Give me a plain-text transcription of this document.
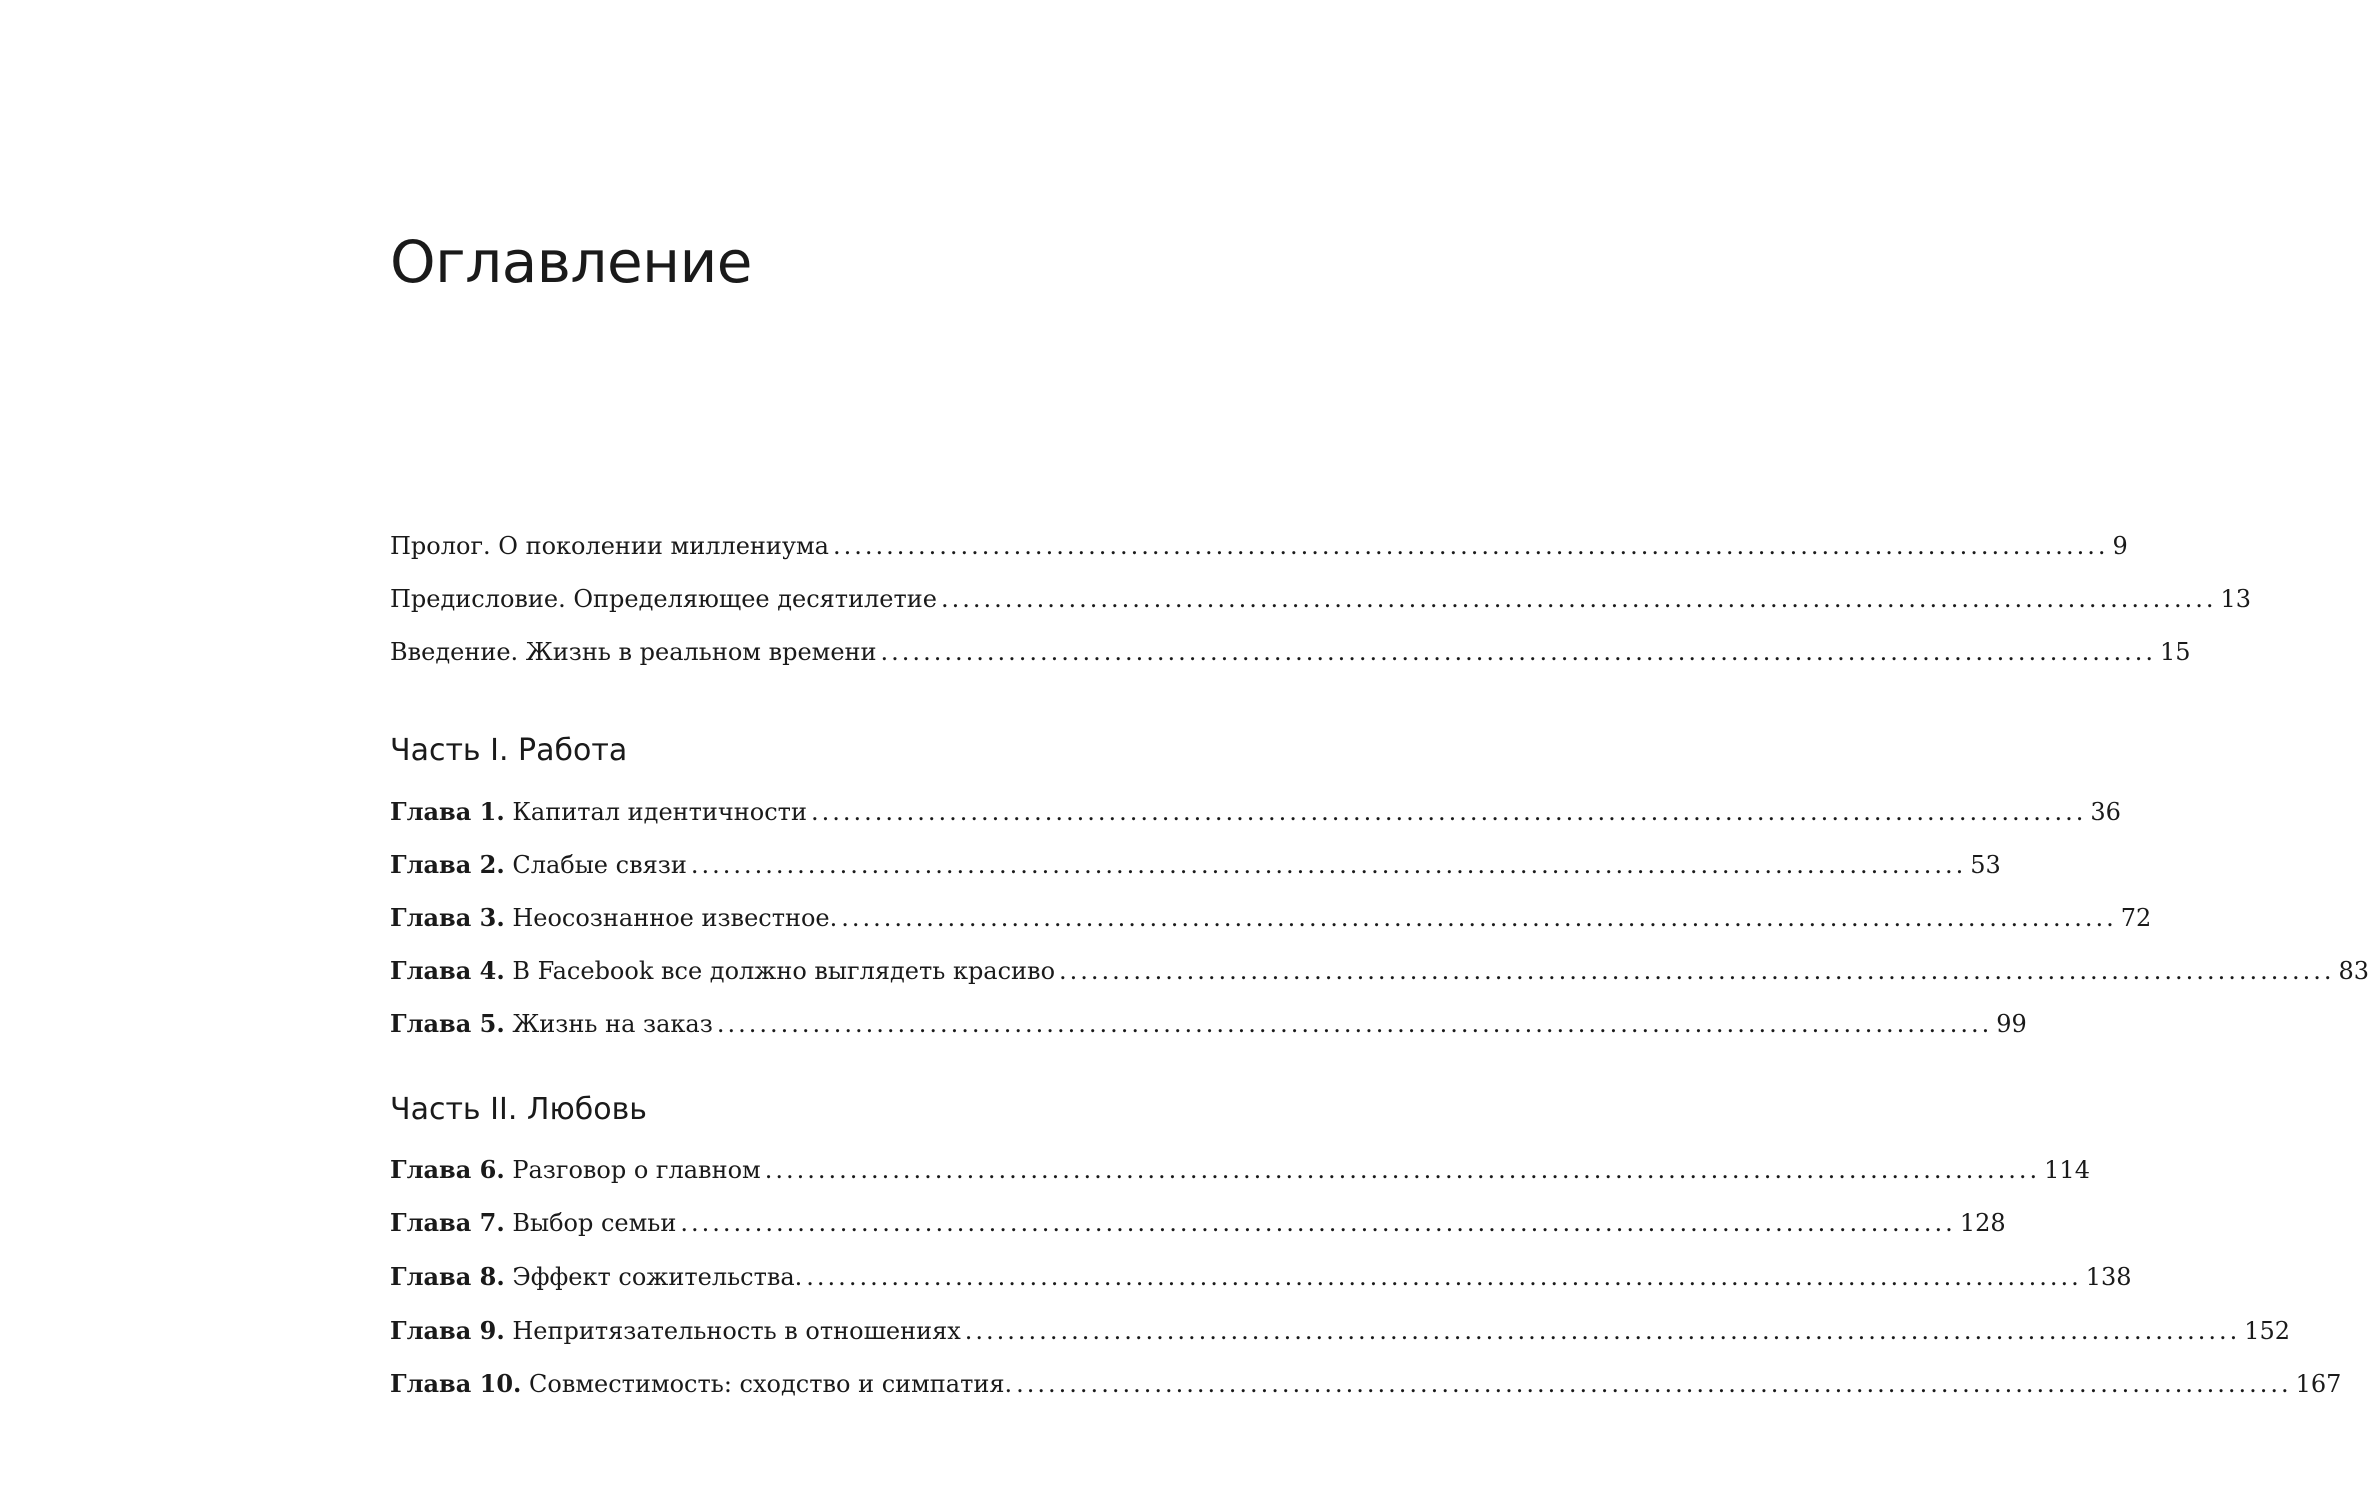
Оглавление
Пролог. О поколении миллениума ........................................................................................................................ 9
Предисловие. Определяющее десятилетие ........................................................................................................................ 13
Введение. Жизнь в реальном времени ........................................................................................................................ 15
Часть I. Работа
Глава 1. Капитал идентичности ........................................................................................................................ 36
Глава 2. Слабые связи ........................................................................................................................ 53
Глава 3. Неосознанное известное. ........................................................................................................................ 72
Глава 4. В Facebook все должно выглядеть красиво ........................................................................................................................ 83
Глава 5. Жизнь на заказ ........................................................................................................................ 99
Часть II. Любовь
Глава 6. Разговор о главном ........................................................................................................................ 114
Глава 7. Выбор семьи ........................................................................................................................ 128
Глава 8. Эффект сожительства. ........................................................................................................................ 138
Глава 9. Непритязательность в отношениях ........................................................................................................................ 152
Глава 10. Совместимость: сходство и симпатия. ........................................................................................................................ 167
